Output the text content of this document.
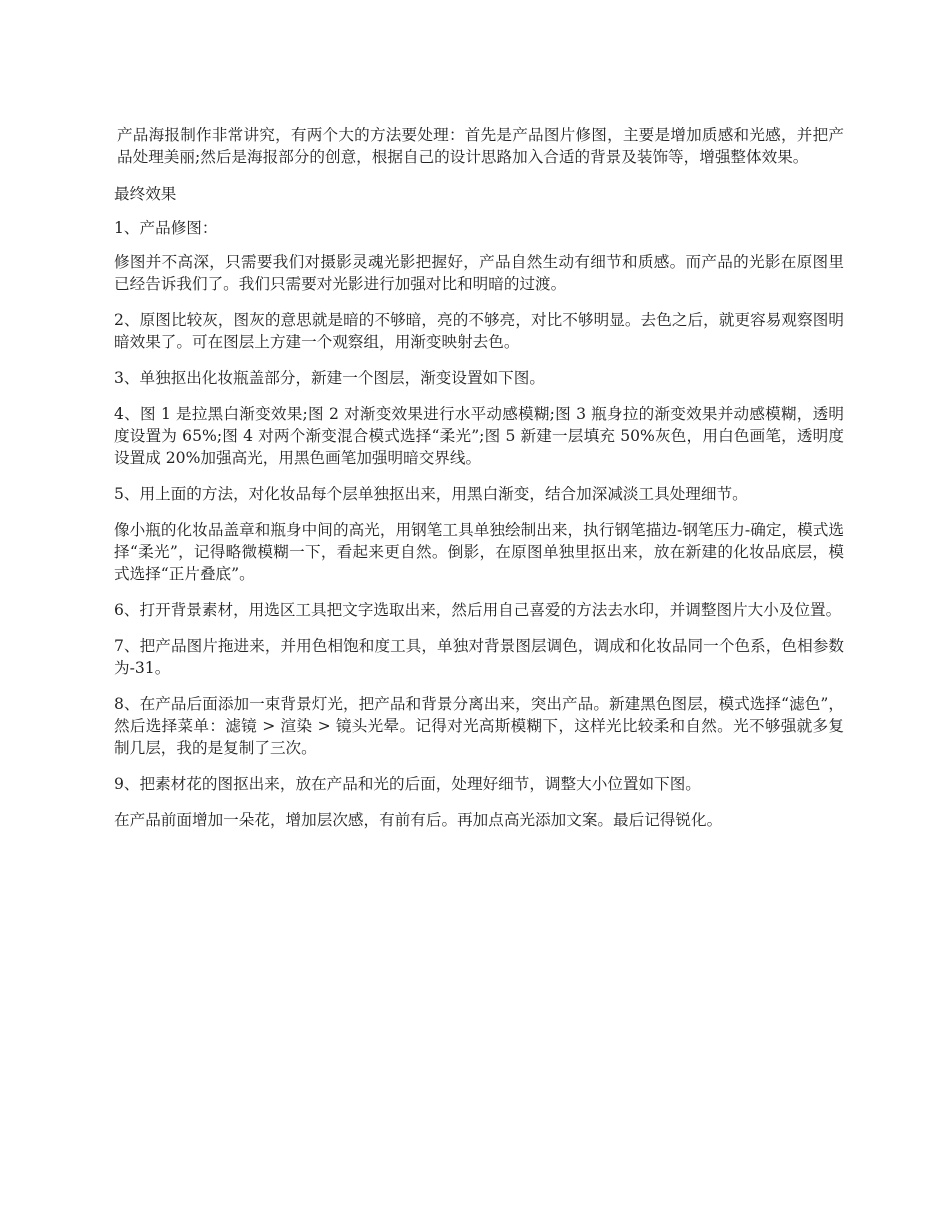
产品海报制作非常讲究，有两个大的方法要处理：首先是产品图片修图，主要是增加质感和光感，并把产品处理美丽;然后是海报部分的创意，根据自己的设计思路加入合适的背景及装饰等，增强整体效果。

最终效果

1、产品修图：

修图并不高深，只需要我们对摄影灵魂光影把握好，产品自然生动有细节和质感。而产品的光影在原图里已经告诉我们了。我们只需要对光影进行加强对比和明暗的过渡。

2、原图比较灰，图灰的意思就是暗的不够暗，亮的不够亮，对比不够明显。去色之后，就更容易观察图明暗效果了。可在图层上方建一个观察组，用渐变映射去色。

3、单独抠出化妆瓶盖部分，新建一个图层，渐变设置如下图。

4、图 1 是拉黑白渐变效果;图 2 对渐变效果进行水平动感模糊;图 3 瓶身拉的渐变效果并动感模糊，透明度设置为 65%;图 4 对两个渐变混合模式选择“柔光”;图 5 新建一层填充 50%灰色，用白色画笔，透明度设置成 20%加强高光，用黑色画笔加强明暗交界线。

5、用上面的方法，对化妆品每个层单独抠出来，用黑白渐变，结合加深减淡工具处理细节。

像小瓶的化妆品盖章和瓶身中间的高光，用钢笔工具单独绘制出来，执行钢笔描边-钢笔压力-确定，模式选择“柔光”，记得略微模糊一下，看起来更自然。倒影，在原图单独里抠出来，放在新建的化妆品底层，模式选择“正片叠底”。

6、打开背景素材，用选区工具把文字选取出来，然后用自己喜爱的方法去水印，并调整图片大小及位置。

7、把产品图片拖进来，并用色相饱和度工具，单独对背景图层调色，调成和化妆品同一个色系，色相参数为-31。

8、在产品后面添加一束背景灯光，把产品和背景分离出来，突出产品。新建黑色图层，模式选择“滤色”，然后选择菜单：滤镜 > 渲染 > 镜头光晕。记得对光高斯模糊下，这样光比较柔和自然。光不够强就多复制几层，我的是复制了三次。

9、把素材花的图抠出来，放在产品和光的后面，处理好细节，调整大小位置如下图。

在产品前面增加一朵花，增加层次感，有前有后。再加点高光添加文案。最后记得锐化。
